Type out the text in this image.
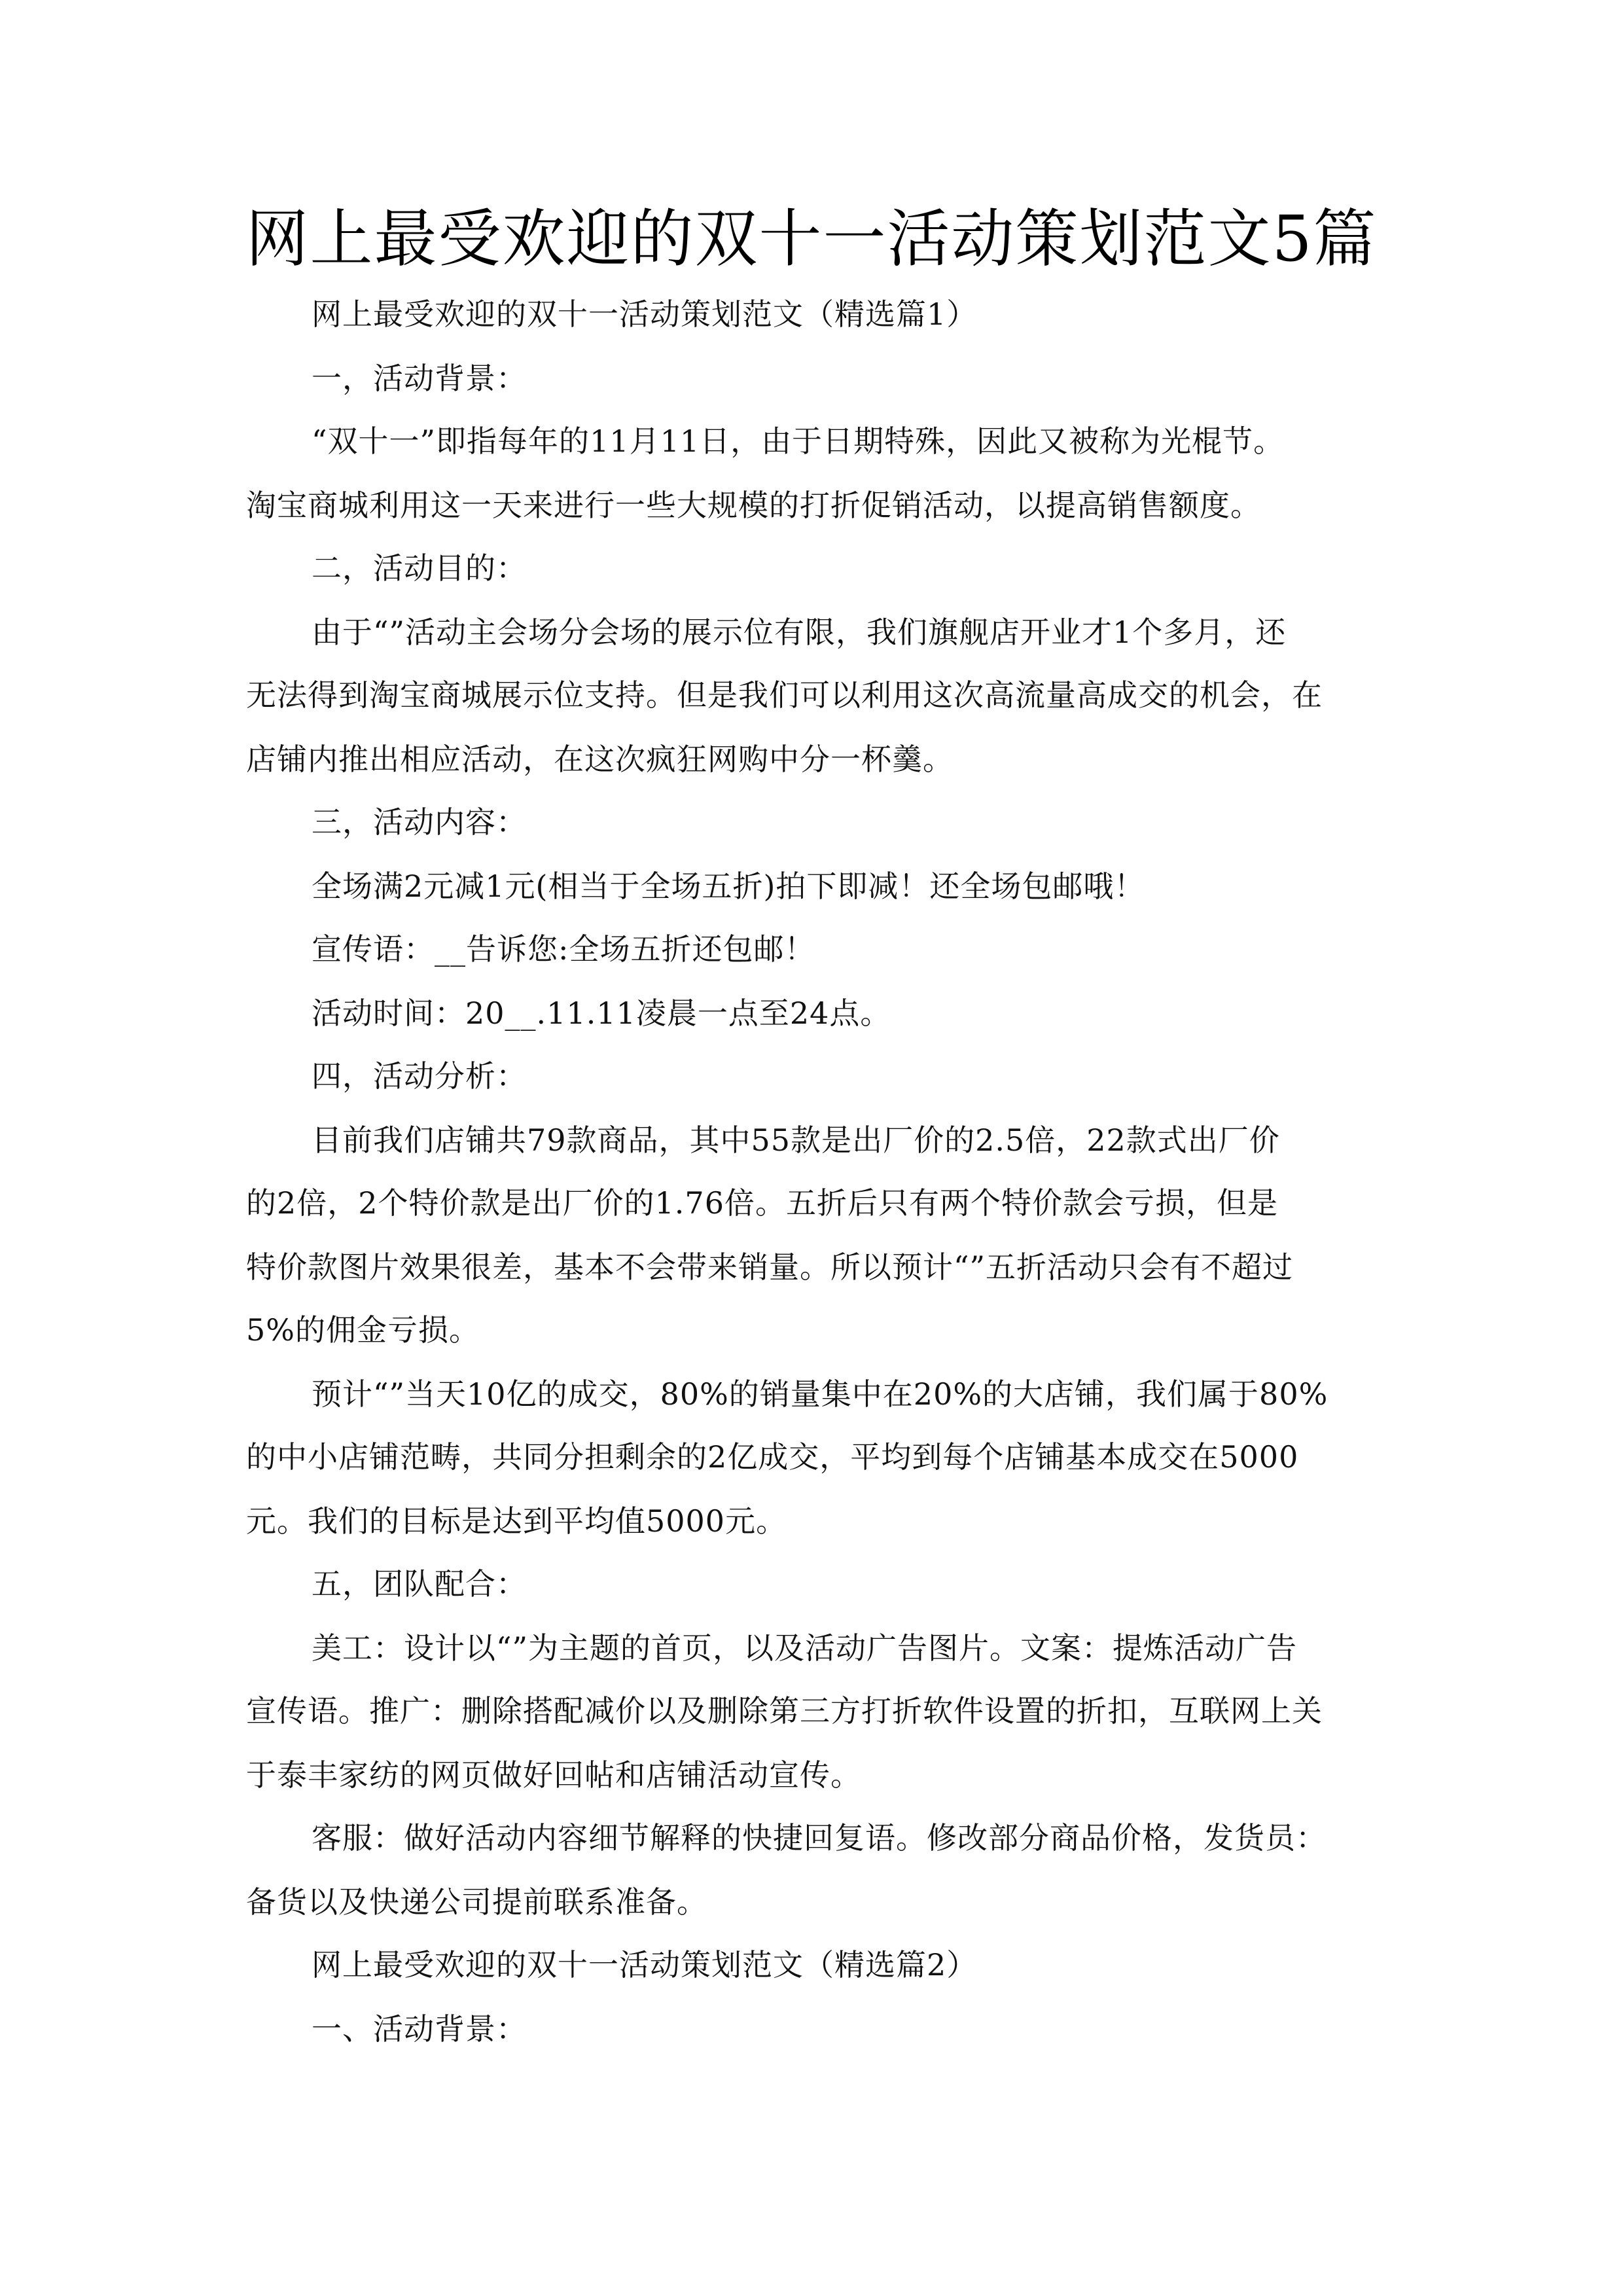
网上最受欢迎的双十一活动策划范文5篇
网上最受欢迎的双十一活动策划范文（精选篇1）
一，活动背景：
“双十一”即指每年的11月11日，由于日期特殊，因此又被称为光棍节。
淘宝商城利用这一天来进行一些大规模的打折促销活动，以提高销售额度。
二，活动目的：
由于“”活动主会场分会场的展示位有限，我们旗舰店开业才1个多月，还
无法得到淘宝商城展示位支持。但是我们可以利用这次高流量高成交的机会，在
店铺内推出相应活动，在这次疯狂网购中分一杯羹。
三，活动内容：
全场满2元减1元(相当于全场五折)拍下即减！还全场包邮哦！
宣传语：__告诉您:全场五折还包邮！
活动时间：20__.11.11凌晨一点至24点。
四，活动分析：
目前我们店铺共79款商品，其中55款是出厂价的2.5倍，22款式出厂价
的2倍，2个特价款是出厂价的1.76倍。五折后只有两个特价款会亏损，但是
特价款图片效果很差，基本不会带来销量。所以预计“”五折活动只会有不超过
5%的佣金亏损。
预计“”当天10亿的成交，80%的销量集中在20%的大店铺，我们属于80%
的中小店铺范畴，共同分担剩余的2亿成交，平均到每个店铺基本成交在5000
元。我们的目标是达到平均值5000元。
五，团队配合：
美工：设计以“”为主题的首页，以及活动广告图片。文案：提炼活动广告
宣传语。推广：删除搭配减价以及删除第三方打折软件设置的折扣，互联网上关
于泰丰家纺的网页做好回帖和店铺活动宣传。
客服：做好活动内容细节解释的快捷回复语。修改部分商品价格，发货员：
备货以及快递公司提前联系准备。
网上最受欢迎的双十一活动策划范文（精选篇2）
一、活动背景：
